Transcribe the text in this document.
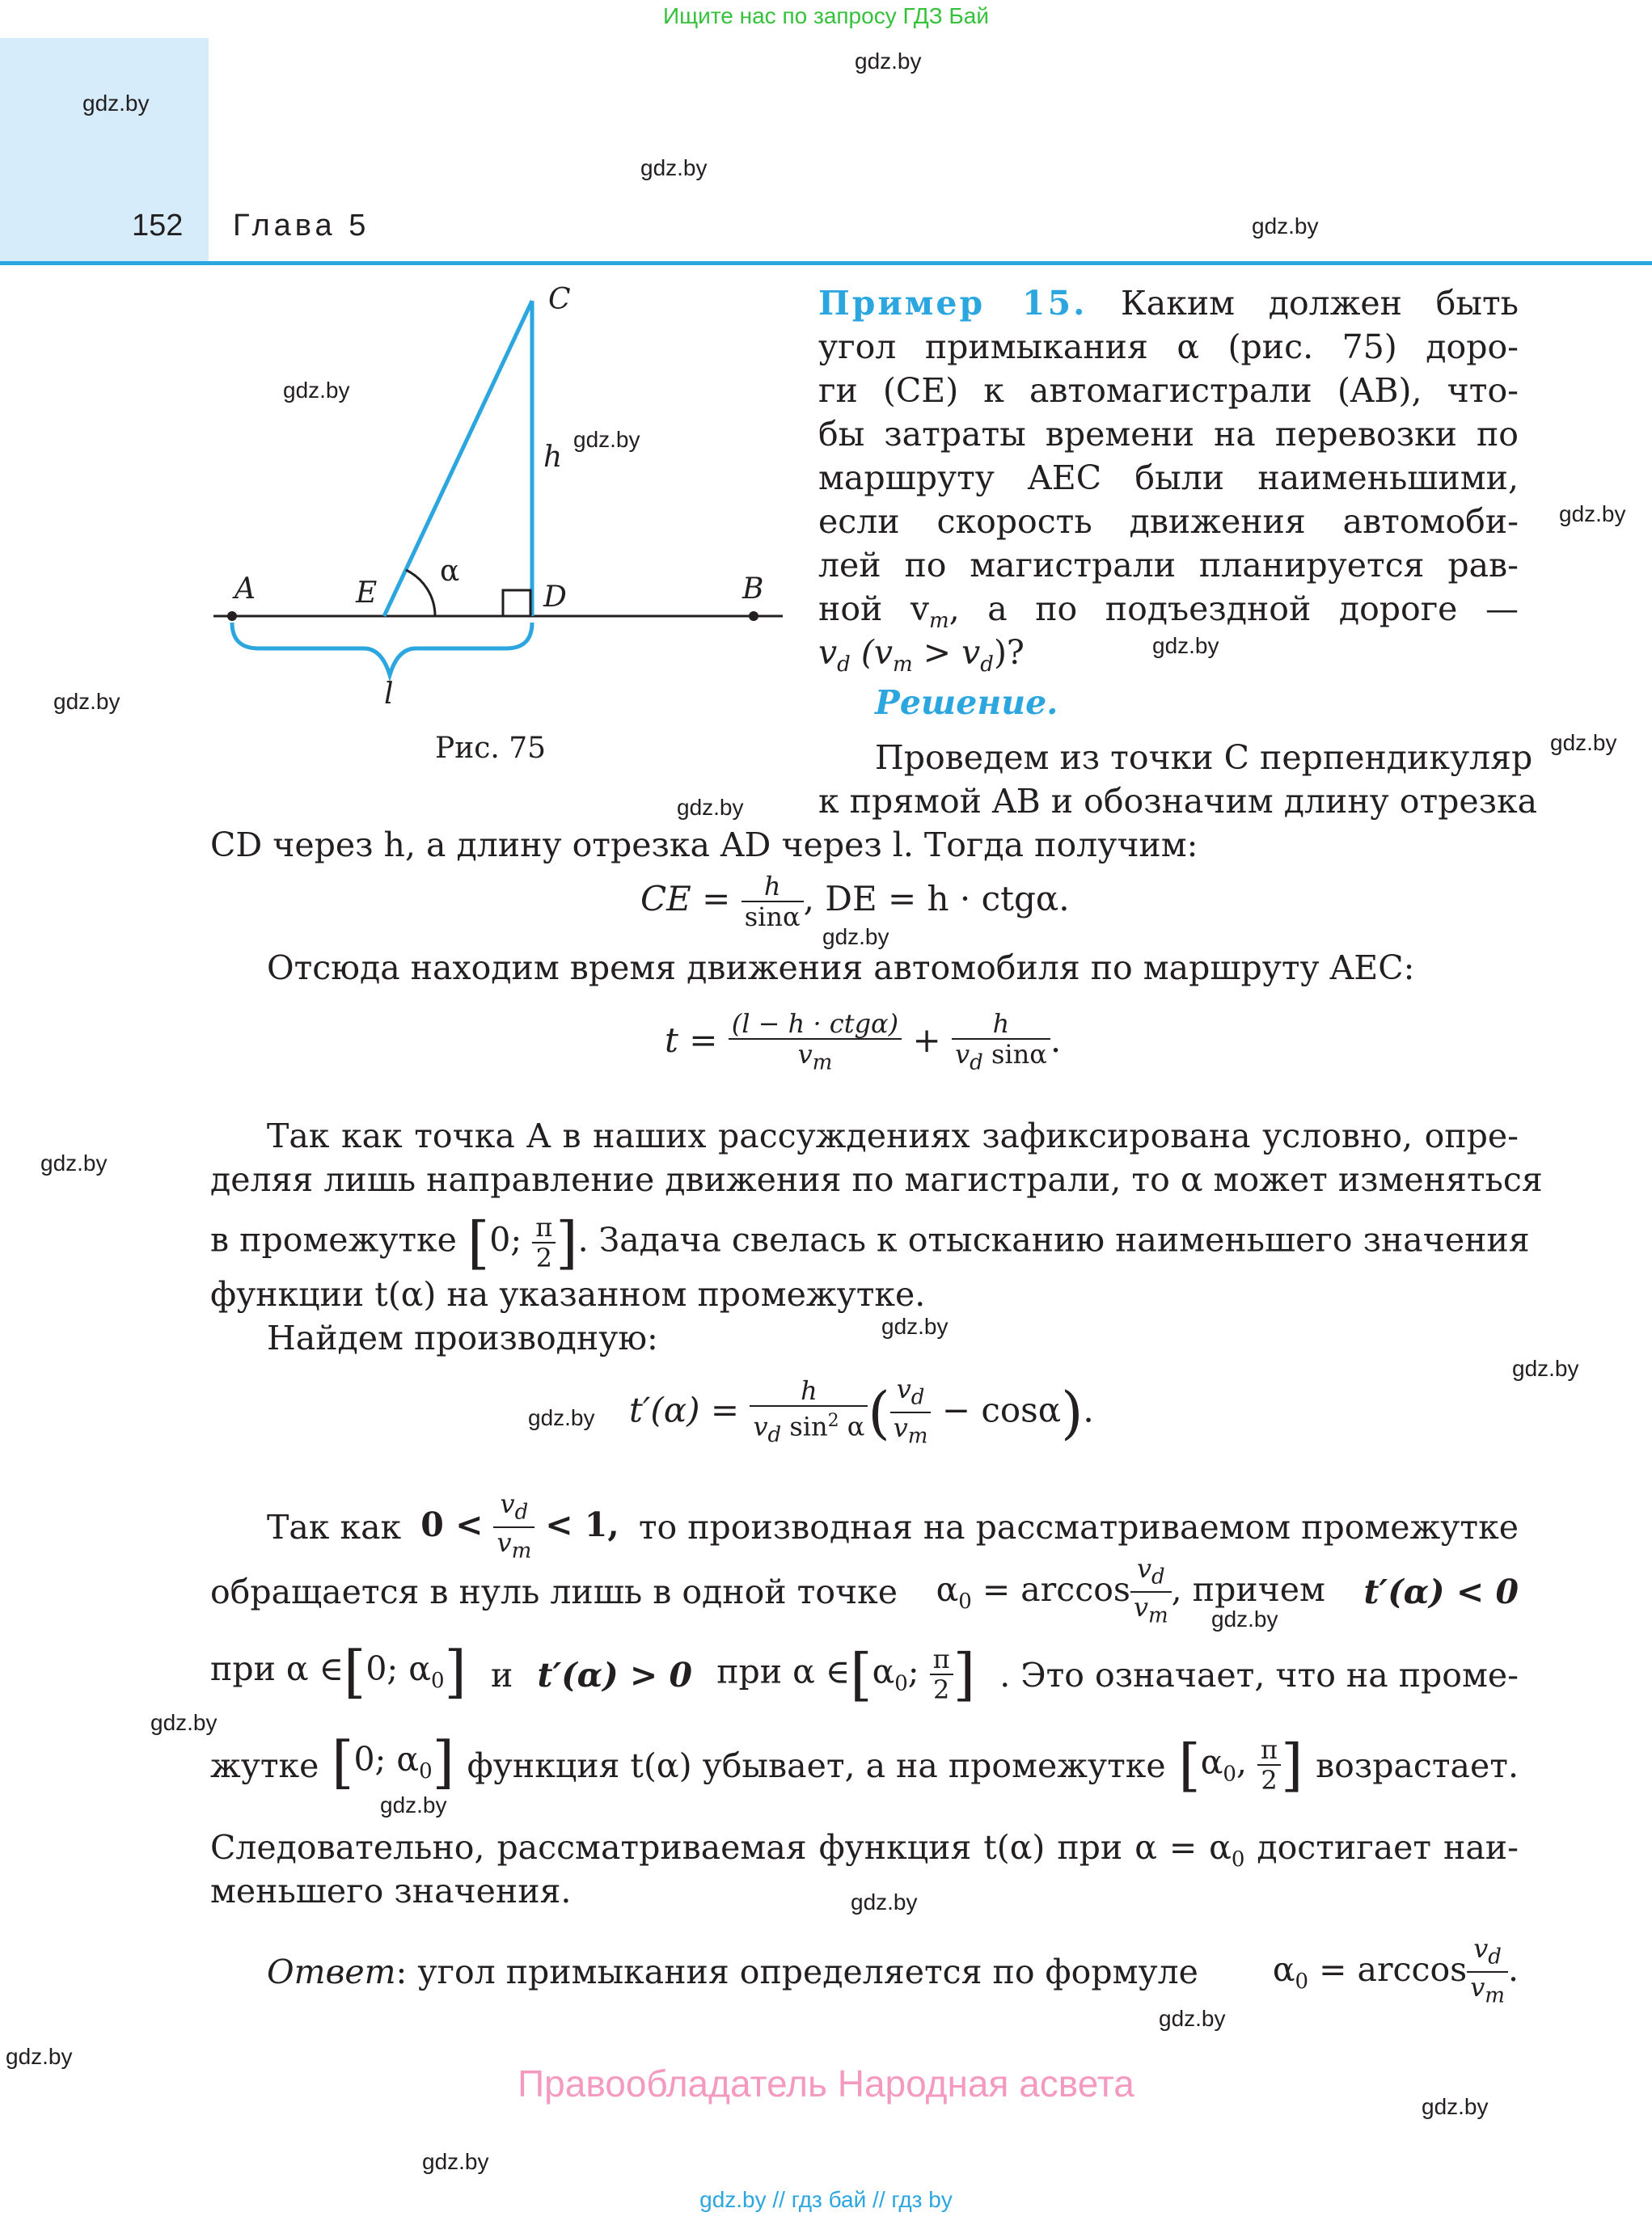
Ищите нас по запросу ГДЗ Бай
152 Глава 5
gdz.by
gdz.by
gdz.by
gdz.by
gdz.by
gdz.by
gdz.by
gdz.by
gdz.by
gdz.by
gdz.by
gdz.by
gdz.by
gdz.by
gdz.by
gdz.by
gdz.by
gdz.by
gdz.by
gdz.by
gdz.by
gdz.by
gdz.by
gdz.by
A	E	D	B
C
h
α
l
Рис. 75
Пример 15. Каким должен быть
угол примыкания α (рис. 75) доро-
ги (CE) к автомагистрали (AB), что-
бы затраты времени на перевозки по
маршруту AEC были наименьшими,
если скорость движения автомоби-
лей по магистрали планируется рав-
ной $v_m$, а по подъездной дороге —
$v_d$ $(v_m > v_d)$?
Решение.
Проведем из точки C перпендикуляр
к прямой AB и обозначим длину отрезка
CD через h, а длину отрезка AD через l. Тогда получим:
CE = $\frac{h}{\sin\alpha}$ , DE = h · ctgα.
Отсюда находим время движения автомобиля по маршруту AEC:
$t = \frac{\text{(l − h · ctgα)}}{v_m} + \frac{h}{v_d \sin\alpha}$ .
Так как точка A в наших рассуждениях зафиксирована условно, опре-
деляя лишь направление движения по магистрали, то α может изменяться
в промежутке [0; $\frac{\pi}{2}$ ]. Задача свелась к отысканию наименьшего значения
функции t(α) на указанном промежутке.
Найдем производную:
$t'(\alpha) = \frac{h}{v_d \sin^2 \alpha}$ ( $\frac{v_d}{v_m} - \cos\alpha$).
Так как $0 < \frac{v_d}{v_m} < 1$, то производная на рассматриваемом промежутке
обращается в нуль лишь в одной точке $\alpha_0 = \arccos \frac{v_d}{v_m}$ , причем t′(α) < 0
при α ∈[0; $\alpha_0$] и t′(α) > 0 при α $\in[\alpha_0$; $\frac{\pi}{2}$ ] . Это означает, что на проме-
жутке [0; $\alpha_0$] функция t(α) убывает, а на промежутке [$\alpha_0$, $\frac{\pi}{2}$ ] возрастает.
Следовательно, рассматриваемая функция t(α) при $\alpha = \alpha_0$ достигает наи-
меньшего значения.
Ответ: угол примыкания определяется по формуле $\alpha_0 = \arccos \frac{v_d}{v_m}$ .
Правообладатель Народная асвета
gdz.by // гдз бай // гдз by
